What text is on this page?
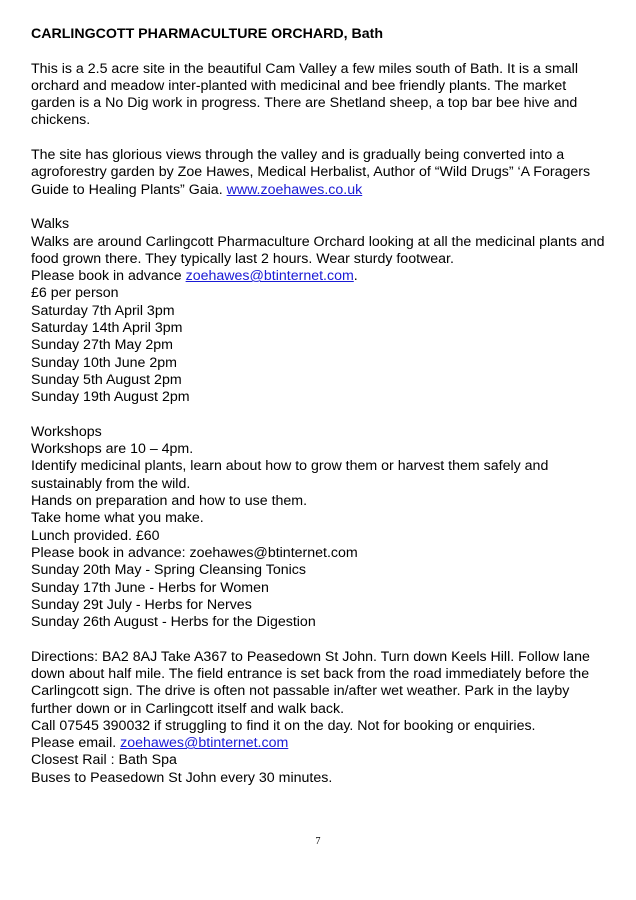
CARLINGCOTT PHARMACULTURE ORCHARD, Bath

This is a 2.5 acre site in the beautiful Cam Valley a few miles south of Bath. It is a small orchard and meadow inter-planted with medicinal and bee friendly plants. The market garden is a No Dig work in progress. There are Shetland sheep, a top bar bee hive and chickens.

The site has glorious views through the valley and is gradually being converted into a agroforestry garden by Zoe Hawes, Medical Herbalist, Author of “Wild Drugs” ‘A Foragers Guide to Healing Plants” Gaia. www.zoehawes.co.uk

Walks

Walks are around Carlingcott Pharmaculture Orchard looking at all the medicinal plants and food grown there. They typically last 2 hours. Wear sturdy footwear.

Please book in advance zoehawes@btinternet.com.

£6 per person

Saturday 7th April 3pm

Saturday 14th April 3pm

Sunday 27th May 2pm

Sunday 10th June 2pm

Sunday 5th August 2pm

Sunday 19th August 2pm

Workshops

Workshops are 10 – 4pm.

Identify medicinal plants, learn about how to grow them or harvest them safely and sustainably from the wild.

Hands on preparation and how to use them.

Take home what you make.

Lunch provided. £60

Please book in advance: zoehawes@btinternet.com

Sunday 20th May - Spring Cleansing Tonics

Sunday 17th June - Herbs for Women

Sunday 29t July - Herbs for Nerves

Sunday 26th August - Herbs for the Digestion

Directions: BA2 8AJ Take A367 to Peasedown St John. Turn down Keels Hill. Follow lane down about half mile. The field entrance is set back from the road immediately before the Carlingcott sign. The drive is often not passable in/after wet weather. Park in the layby further down or in Carlingcott itself and walk back.

Call 07545 390032 if struggling to find it on the day. Not for booking or enquiries.

Please email. zoehawes@btinternet.com

Closest Rail : Bath Spa

Buses to Peasedown St John every 30 minutes.

7
